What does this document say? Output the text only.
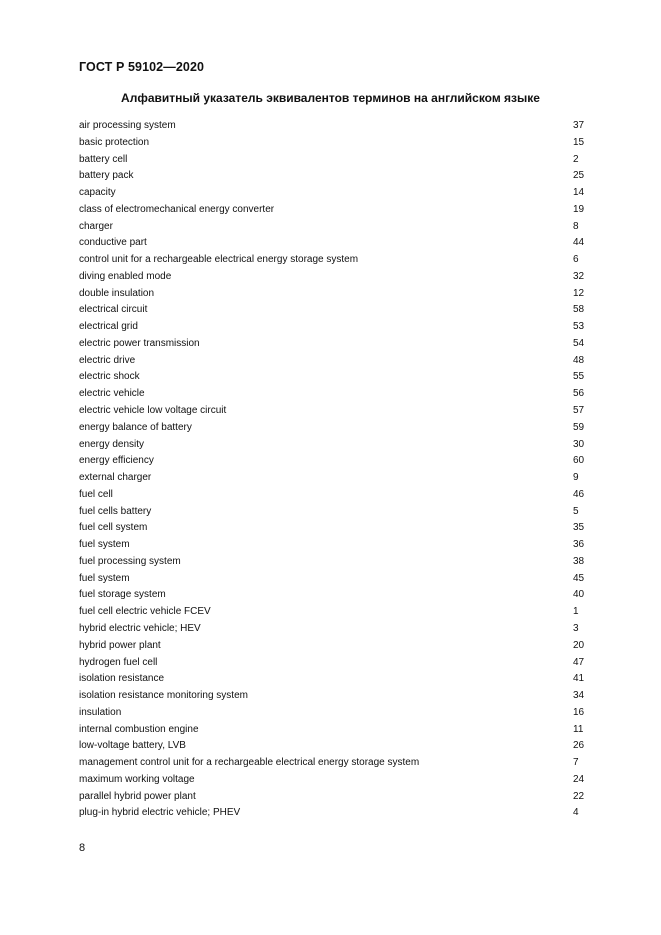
ГОСТ Р 59102—2020
Алфавитный указатель эквивалентов терминов на английском языке
air processing system	37
basic protection	15
battery cell	2
battery pack	25
capacity	14
class of electromechanical energy converter	19
charger	8
conductive part	44
control unit for a rechargeable electrical energy storage system	6
diving enabled mode	32
double insulation	12
electrical circuit	58
electrical grid	53
electric power transmission	54
electric drive	48
electric shock	55
electric vehicle	56
electric vehicle low voltage circuit	57
energy balance of battery	59
energy density	30
energy efficiency	60
external charger	9
fuel cell	46
fuel cells battery	5
fuel cell system	35
fuel system	36
fuel processing system	38
fuel system	45
fuel storage system	40
fuel cell electric vehicle FCEV	1
hybrid electric vehicle; HEV	3
hybrid power plant	20
hydrogen fuel cell	47
isolation resistance	41
isolation resistance monitoring system	34
insulation	16
internal combustion engine	11
low-voltage battery, LVB	26
management control unit for a rechargeable electrical energy storage system	7
maximum working voltage	24
parallel hybrid power plant	22
plug-in hybrid electric vehicle; PHEV	4
8
